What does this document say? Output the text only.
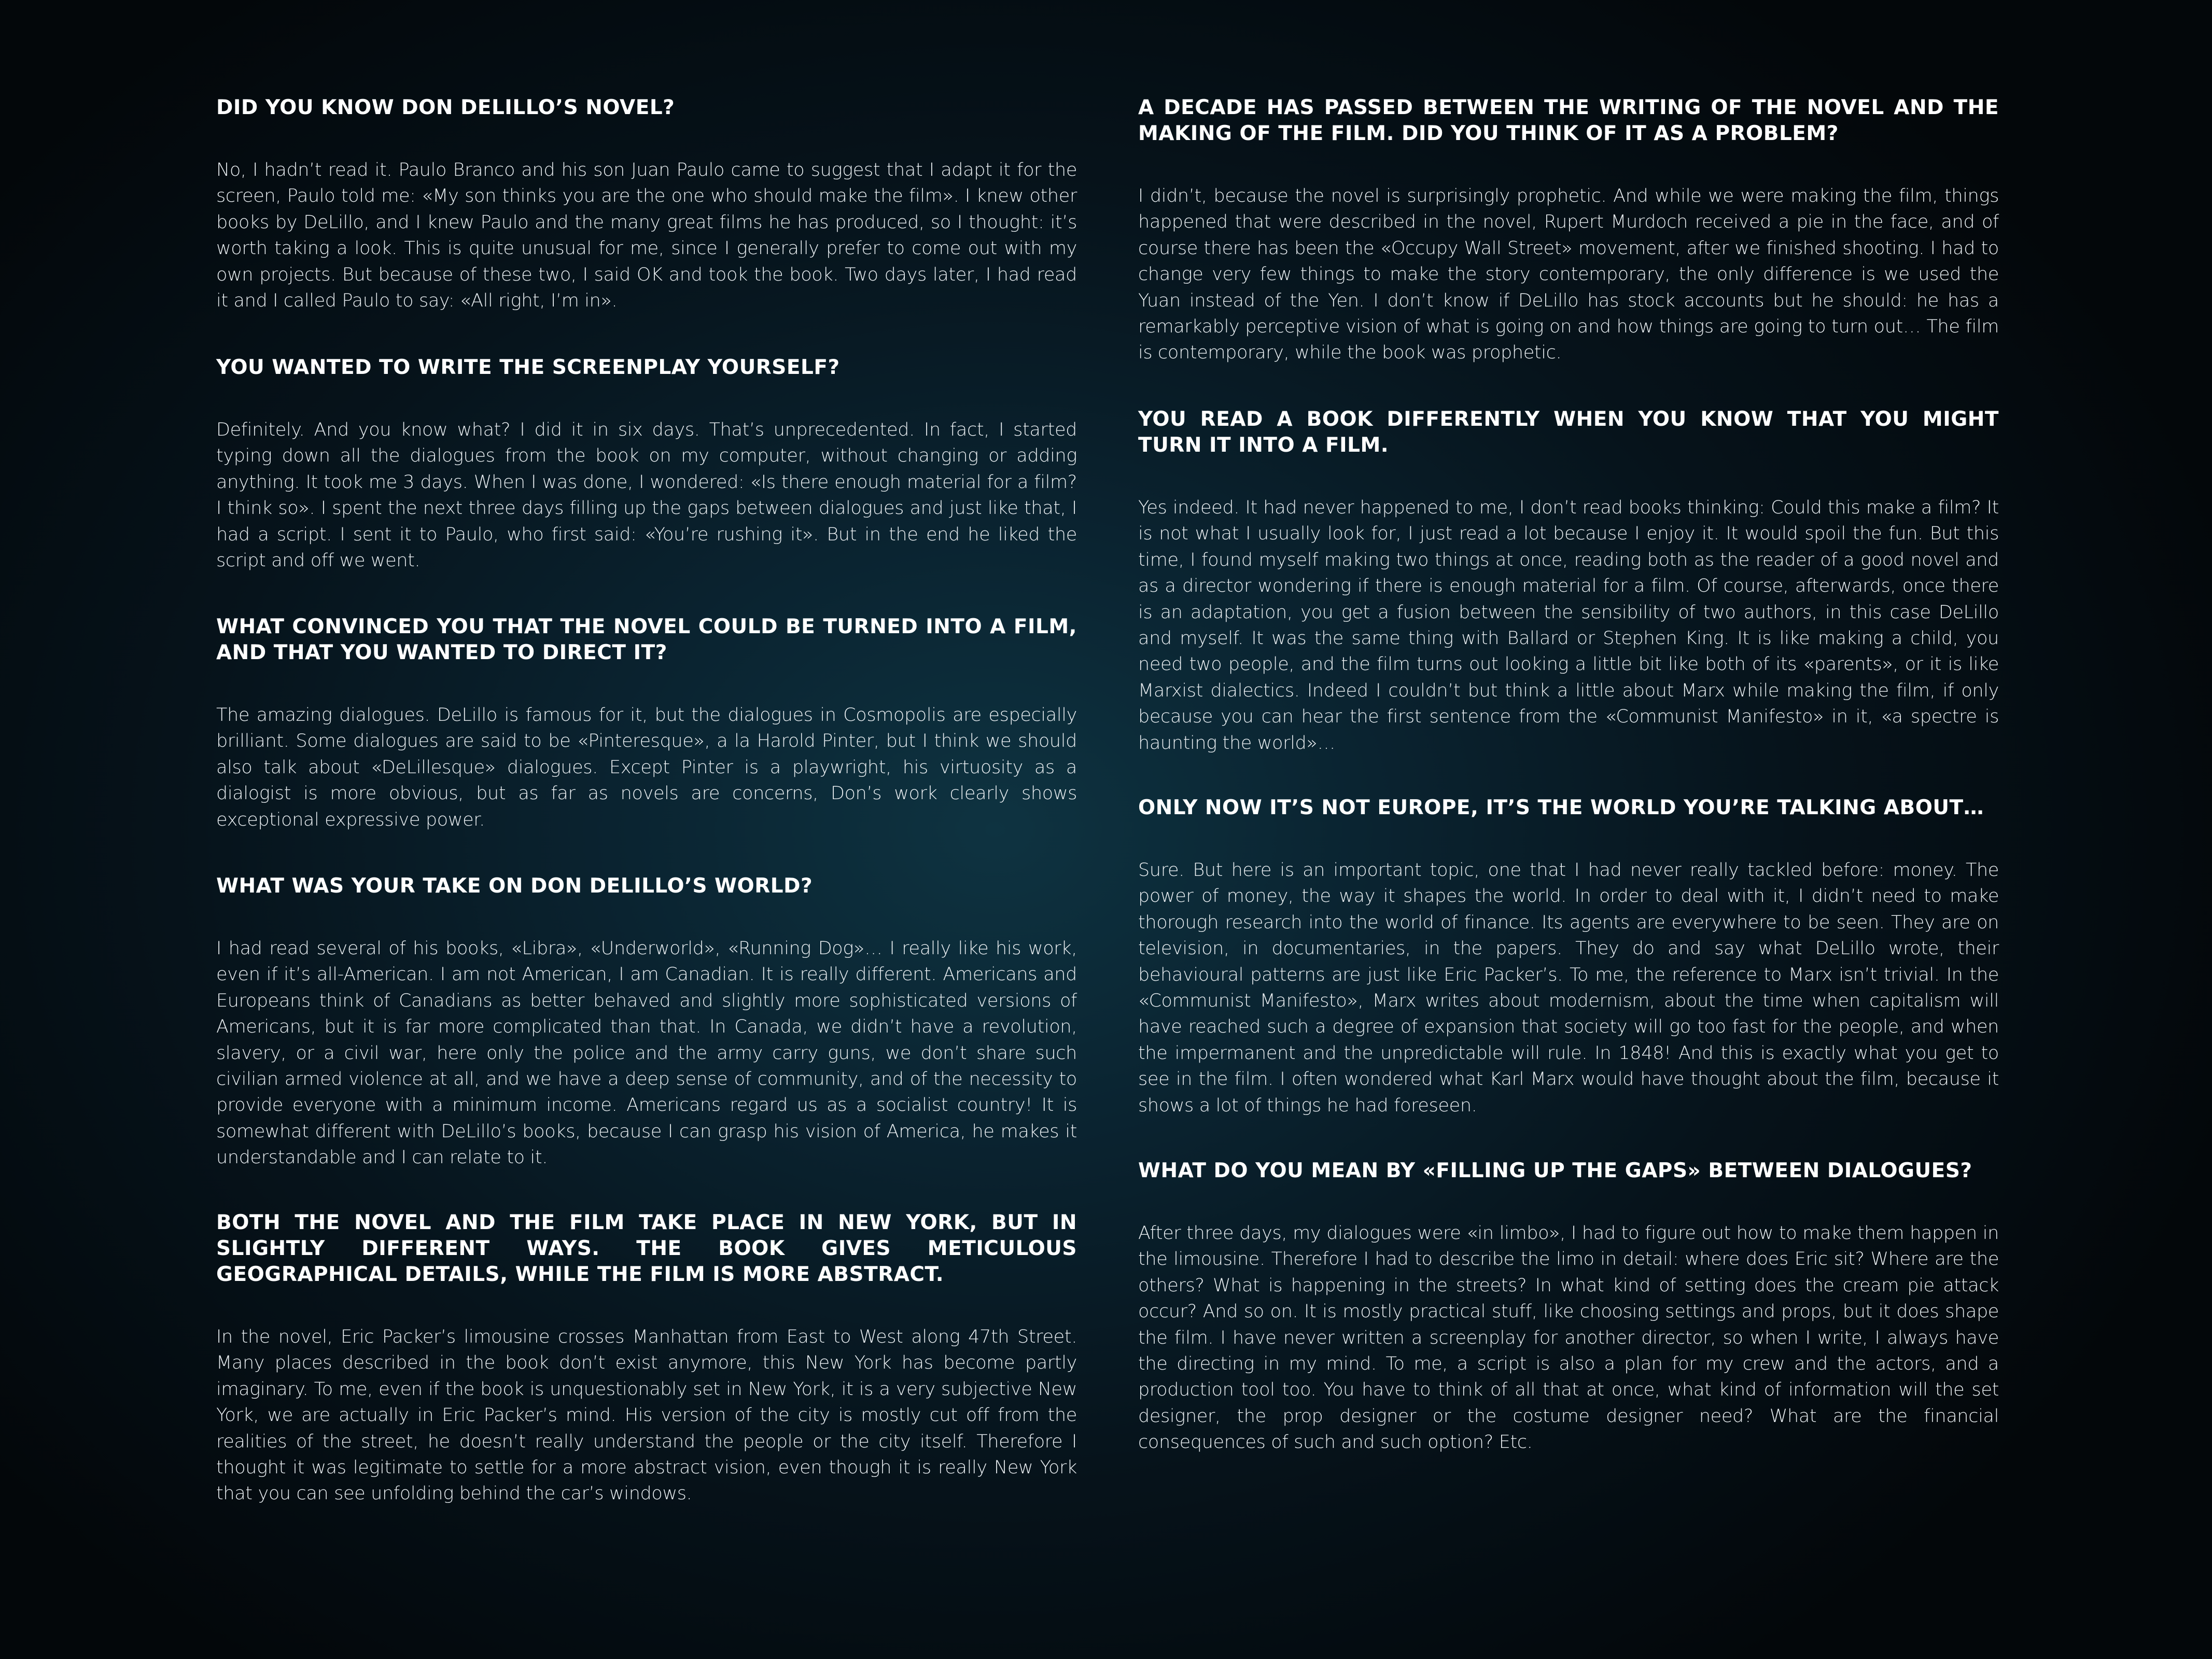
DID YOU KNOW DON DELILLO’S NOVEL?

No, I hadn’t read it. Paulo Branco and his son Juan Paulo came to suggest that I adapt it for the screen, Paulo told me: «My son thinks you are the one who should make the film». I knew other books by DeLillo, and I knew Paulo and the many great films he has produced, so I thought: it’s worth taking a look. This is quite unusual for me, since I generally prefer to come out with my own projects. But because of these two, I said OK and took the book. Two days later, I had read it and I called Paulo to say: «All right, I’m in».

YOU WANTED TO WRITE THE SCREENPLAY YOURSELF?

Definitely. And you know what? I did it in six days. That’s unprecedented. In fact, I started typing down all the dialogues from the book on my computer, without changing or adding anything. It took me 3 days. When I was done, I wondered: «Is there enough material for a film? I think so». I spent the next three days filling up the gaps between dialogues and just like that, I had a script. I sent it to Paulo, who first said: «You’re rushing it». But in the end he liked the script and off we went.

WHAT CONVINCED YOU THAT THE NOVEL COULD BE TURNED INTO A FILM, AND THAT YOU WANTED TO DIRECT IT?

The amazing dialogues. DeLillo is famous for it, but the dialogues in Cosmopolis are especially brilliant. Some dialogues are said to be «Pinteresque», a la Harold Pinter, but I think we should also talk about «DeLillesque» dialogues. Except Pinter is a playwright, his virtuosity as a dialogist is more obvious, but as far as novels are concerns, Don’s work clearly shows exceptional expressive power.

WHAT WAS YOUR TAKE ON DON DELILLO’S WORLD?

I had read several of his books, «Libra», «Underworld», «Running Dog»… I really like his work, even if it’s all-American. I am not American, I am Canadian. It is really different. Americans and Europeans think of Canadians as better behaved and slightly more sophisticated versions of Americans, but it is far more complicated than that. In Canada, we didn’t have a revolution, slavery, or a civil war, here only the police and the army carry guns, we don’t share such civilian armed violence at all, and we have a deep sense of community, and of the necessity to provide everyone with a minimum income. Americans regard us as a socialist country! It is somewhat different with DeLillo’s books, because I can grasp his vision of America, he makes it understandable and I can relate to it.

BOTH THE NOVEL AND THE FILM TAKE PLACE IN NEW YORK, BUT IN SLIGHTLY DIFFERENT WAYS. THE BOOK GIVES METICULOUS GEOGRAPHICAL DETAILS, WHILE THE FILM IS MORE ABSTRACT.

In the novel, Eric Packer’s limousine crosses Manhattan from East to West along 47th Street. Many places described in the book don’t exist anymore, this New York has become partly imaginary. To me, even if the book is unquestionably set in New York, it is a very subjective New York, we are actually in Eric Packer’s mind. His version of the city is mostly cut off from the realities of the street, he doesn’t really understand the people or the city itself. Therefore I thought it was legitimate to settle for a more abstract vision, even though it is really New York that you can see unfolding behind the car’s windows.

A DECADE HAS PASSED BETWEEN THE WRITING OF THE NOVEL AND THE MAKING OF THE FILM. DID YOU THINK OF IT AS A PROBLEM?

I didn’t, because the novel is surprisingly prophetic. And while we were making the film, things happened that were described in the novel, Rupert Murdoch received a pie in the face, and of course there has been the «Occupy Wall Street» movement, after we finished shooting. I had to change very few things to make the story contemporary, the only difference is we used the Yuan instead of the Yen. I don’t know if DeLillo has stock accounts but he should: he has a remarkably perceptive vision of what is going on and how things are going to turn out… The film is contemporary, while the book was prophetic.

YOU READ A BOOK DIFFERENTLY WHEN YOU KNOW THAT YOU MIGHT TURN IT INTO A FILM.

Yes indeed. It had never happened to me, I don’t read books thinking: Could this make a film? It is not what I usually look for, I just read a lot because I enjoy it. It would spoil the fun. But this time, I found myself making two things at once, reading both as the reader of a good novel and as a director wondering if there is enough material for a film. Of course, afterwards, once there is an adaptation, you get a fusion between the sensibility of two authors, in this case DeLillo and myself. It was the same thing with Ballard or Stephen King. It is like making a child, you need two people, and the film turns out looking a little bit like both of its «parents», or it is like Marxist dialectics. Indeed I couldn’t but think a little about Marx while making the film, if only because you can hear the first sentence from the «Communist Manifesto» in it, «a spectre is haunting the world»…

ONLY NOW IT’S NOT EUROPE, IT’S THE WORLD YOU’RE TALKING ABOUT…

Sure. But here is an important topic, one that I had never really tackled before: money. The power of money, the way it shapes the world. In order to deal with it, I didn’t need to make thorough research into the world of finance. Its agents are everywhere to be seen. They are on television, in documentaries, in the papers. They do and say what DeLillo wrote, their behavioural patterns are just like Eric Packer’s. To me, the reference to Marx isn’t trivial. In the «Communist Manifesto», Marx writes about modernism, about the time when capitalism will have reached such a degree of expansion that society will go too fast for the people, and when the impermanent and the unpredictable will rule. In 1848! And this is exactly what you get to see in the film. I often wondered what Karl Marx would have thought about the film, because it shows a lot of things he had foreseen.

WHAT DO YOU MEAN BY «FILLING UP THE GAPS» BETWEEN DIALOGUES?

After three days, my dialogues were «in limbo», I had to figure out how to make them happen in the limousine. Therefore I had to describe the limo in detail: where does Eric sit? Where are the others? What is happening in the streets? In what kind of setting does the cream pie attack occur? And so on. It is mostly practical stuff, like choosing settings and props, but it does shape the film. I have never written a screenplay for another director, so when I write, I always have the directing in my mind. To me, a script is also a plan for my crew and the actors, and a production tool too. You have to think of all that at once, what kind of information will the set designer, the prop designer or the costume designer need? What are the financial consequences of such and such option? Etc.
